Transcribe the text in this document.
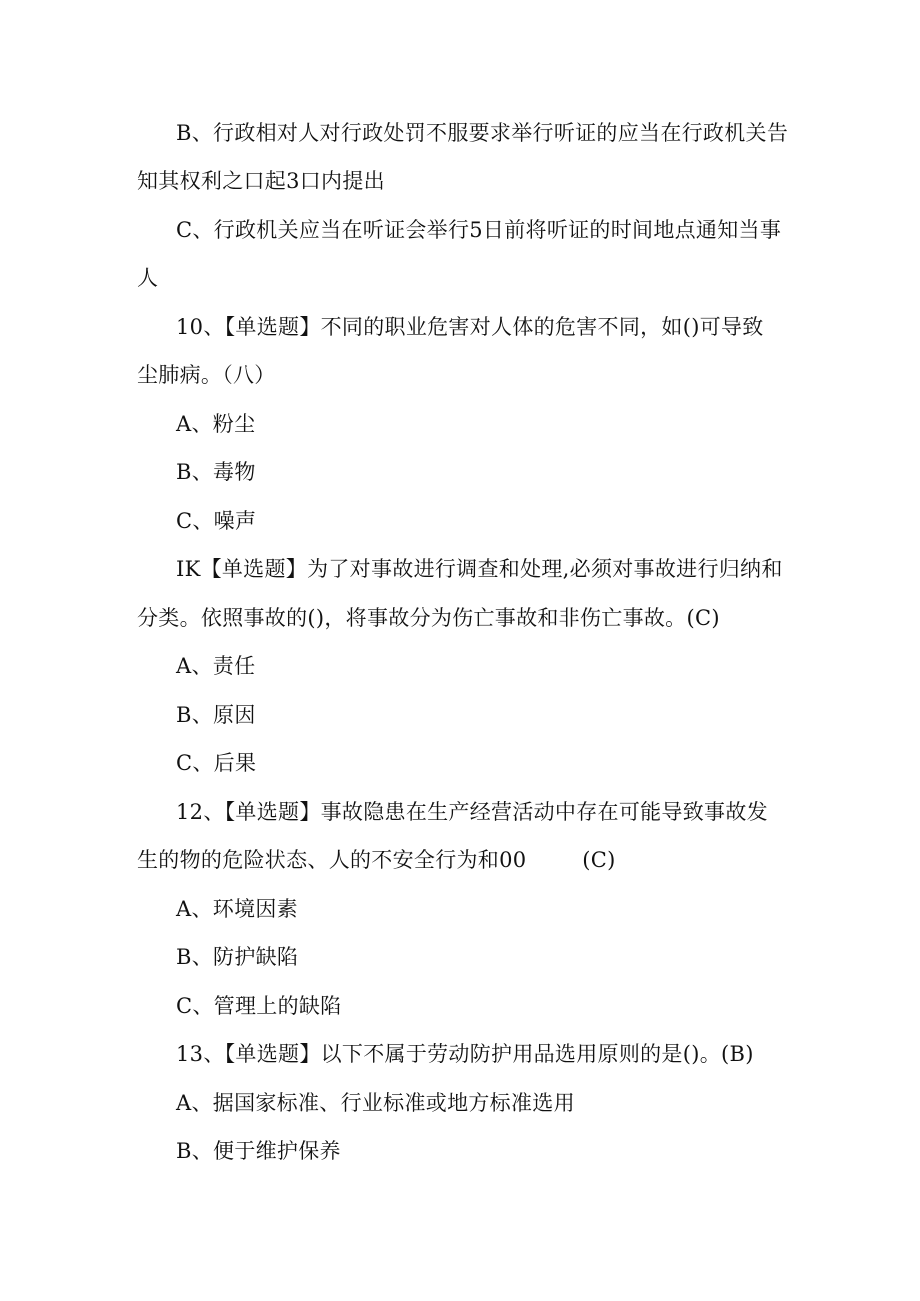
B、行政相对人对行政处罚不服要求举行听证的应当在行政机关告
知其权利之口起3口内提出
C、行政机关应当在听证会举行5日前将听证的时间地点通知当事
人
10、【单选题】不同的职业危害对人体的危害不同，如()可导致
尘肺病。（八）
A、粉尘
B、毒物
C、噪声
IK【单选题】为了对事故进行调查和处理,必须对事故进行归纳和
分类。依照事故的()，将事故分为伤亡事故和非伤亡事故。(C)
A、责任
B、原因
C、后果
12、【单选题】事故隐患在生产经营活动中存在可能导致事故发
生的物的危险状态、人的不安全行为和00        (C)
A、环境因素
B、防护缺陷
C、管理上的缺陷
13、【单选题】以下不属于劳动防护用品选用原则的是()。(B)
A、据国家标准、行业标准或地方标准选用
B、便于维护保养
